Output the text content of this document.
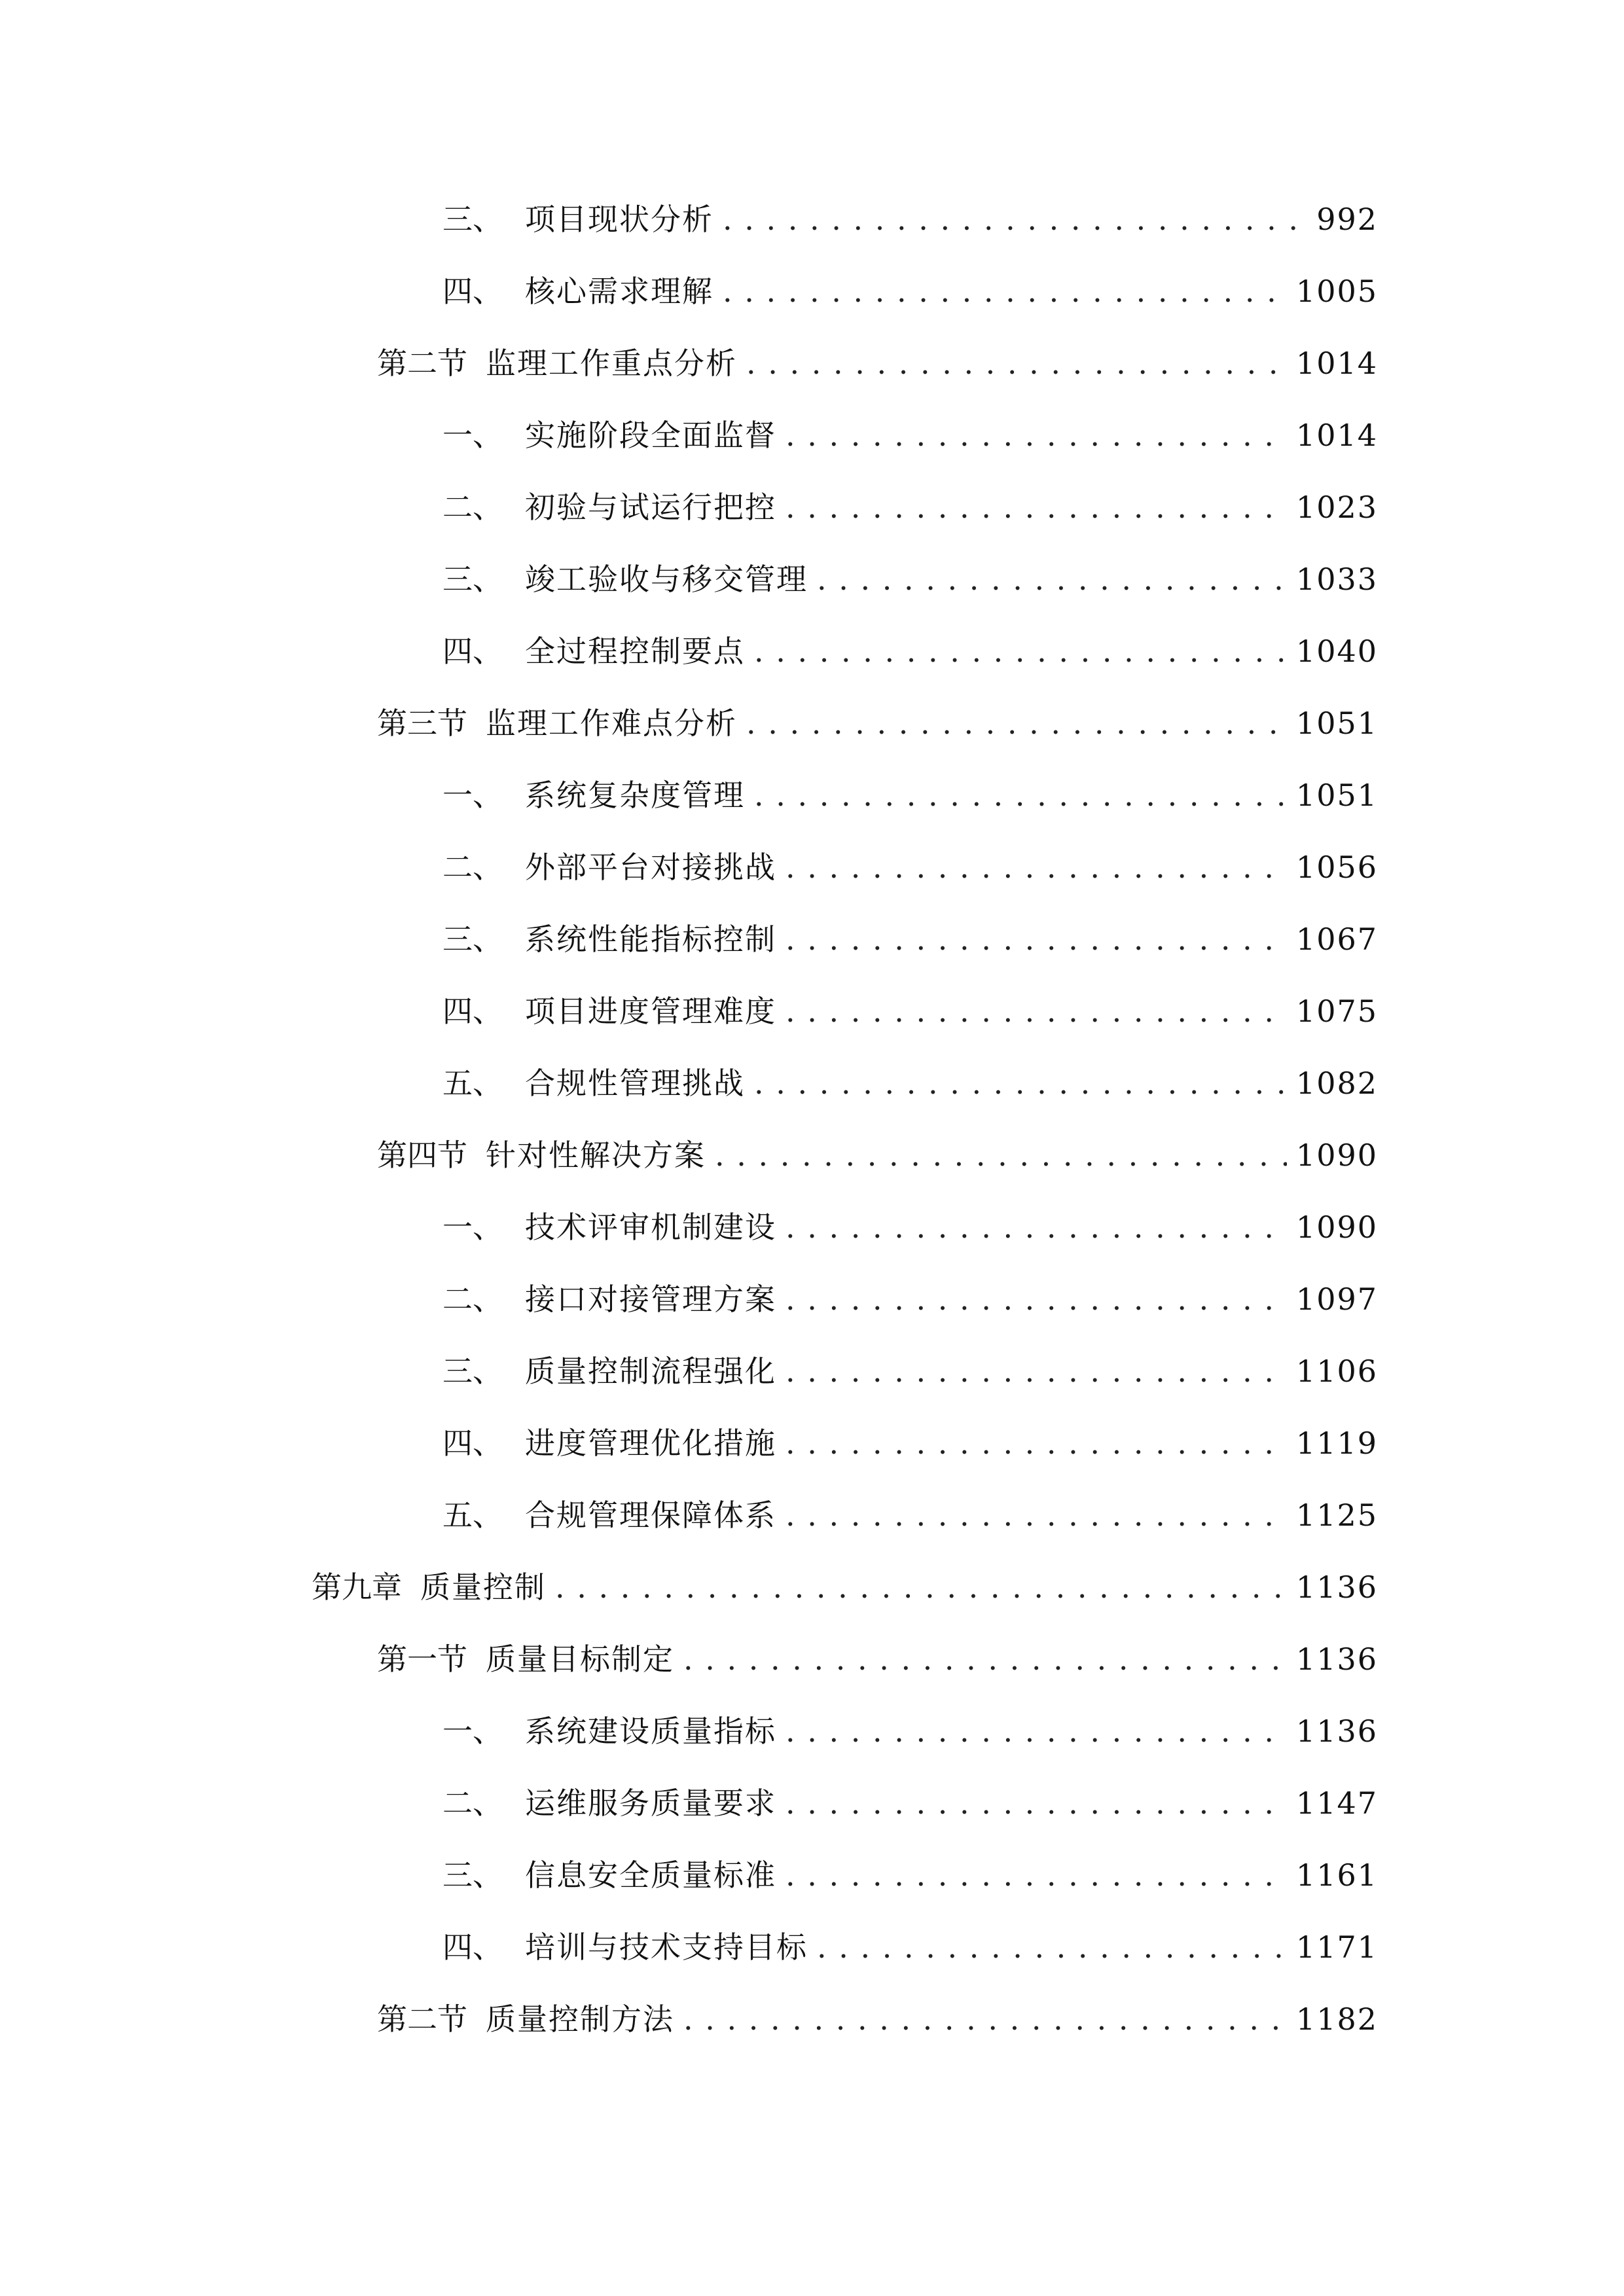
三、 项目现状分析 . . .	992
四、 核心需求理解 . . .	1005
第二节 监理工作重点分析 . . .	1014
一、 实施阶段全面监督 . . .	1014
二、 初验与试运行把控 . . .	1023
三、 竣工验收与移交管理 . . .	1033
四、 全过程控制要点 . . .	1040
第三节 监理工作难点分析 . . .	1051
一、 系统复杂度管理 . . .	1051
二、 外部平台对接挑战 . . .	1056
三、 系统性能指标控制 . . .	1067
四、 项目进度管理难度 . . .	1075
五、 合规性管理挑战 . . .	1082
第四节 针对性解决方案 . . .	1090
一、 技术评审机制建设 . . .	1090
二、 接口对接管理方案 . . .	1097
三、 质量控制流程强化 . . .	1106
四、 进度管理优化措施 . . .	1119
五、 合规管理保障体系 . . .	1125
第九章 质量控制 . . .	1136
第一节 质量目标制定 . . .	1136
一、 系统建设质量指标 . . .	1136
二、 运维服务质量要求 . . .	1147
三、 信息安全质量标准 . . .	1161
四、 培训与技术支持目标 . . .	1171
第二节 质量控制方法 . . .	1182
